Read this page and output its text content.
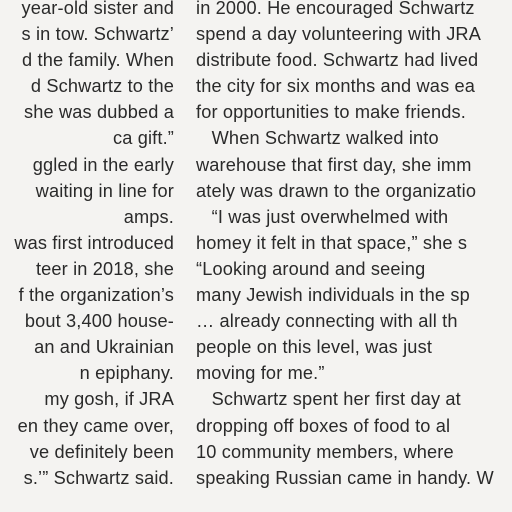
year-old sister and
s in tow. Schwartz’
d the family. When
d Schwartz to the
she was dubbed a
ca gift.”
ggled in the early
waiting in line for
amps.
was first introduced
teer in 2018, she
f the organization’s
bout 3,400 house-
an and Ukrainian
n epiphany.
my gosh, if JRA
en they came over,
ve definitely been
s.’” Schwartz said.
in 2000. He encouraged Schwartz
spend a day volunteering with JRA
distribute food. Schwartz had lived
the city for six months and was ea
for opportunities to make friends.
When Schwartz walked into
warehouse that first day, she imm
ately was drawn to the organizatio
“I was just overwhelmed with
homey it felt in that space,” she s
“Looking around and seeing
many Jewish individuals in the sp
… already connecting with all th
people on this level, was just
moving for me.”
Schwartz spent her first day at
dropping off boxes of food to al
10 community members, where
speaking Russian came in handy. W
